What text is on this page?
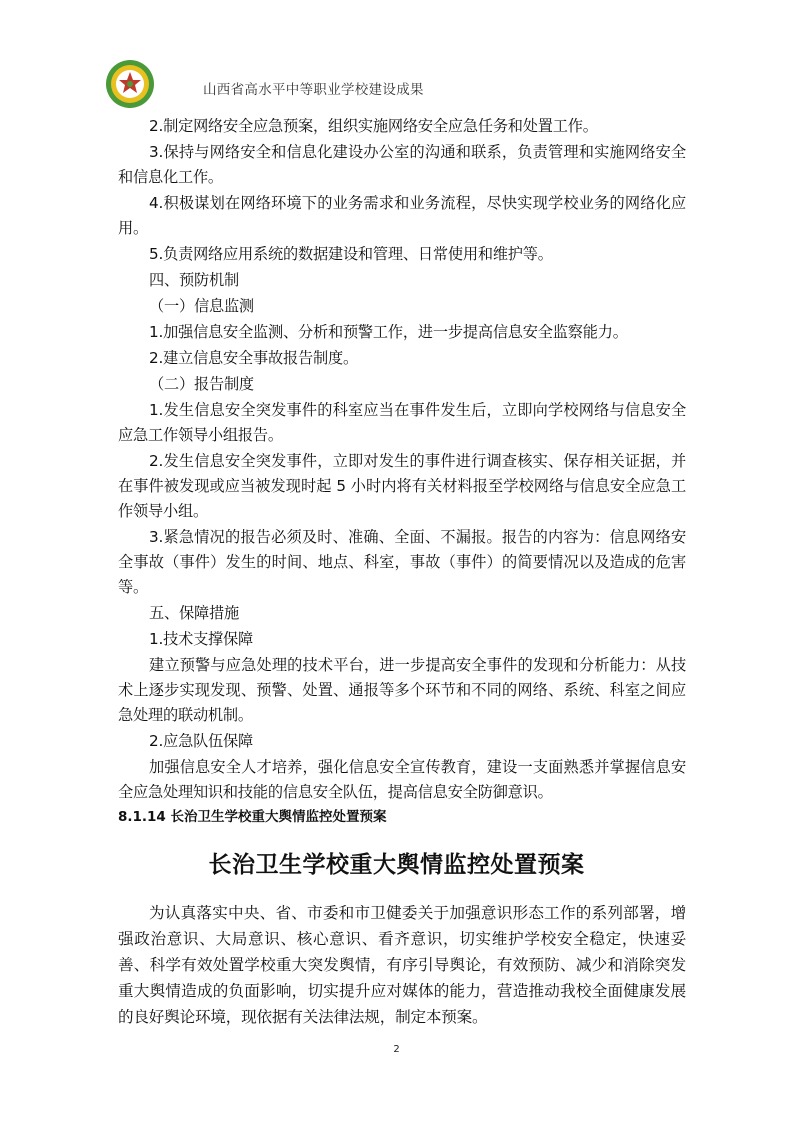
山西省高水平中等职业学校建设成果

2.制定网络安全应急预案，组织实施网络安全应急任务和处置工作。

3.保持与网络安全和信息化建设办公室的沟通和联系，负责管理和实施网络安全和信息化工作。

4.积极谋划在网络环境下的业务需求和业务流程，尽快实现学校业务的网络化应用。

5.负责网络应用系统的数据建设和管理、日常使用和维护等。

四、预防机制

（一）信息监测

1.加强信息安全监测、分析和预警工作，进一步提高信息安全监察能力。

2.建立信息安全事故报告制度。

（二）报告制度

1.发生信息安全突发事件的科室应当在事件发生后，立即向学校网络与信息安全应急工作领导小组报告。

2.发生信息安全突发事件，立即对发生的事件进行调查核实、保存相关证据，并在事件被发现或应当被发现时起 5 小时内将有关材料报至学校网络与信息安全应急工作领导小组。

3.紧急情况的报告必须及时、准确、全面、不漏报。报告的内容为：信息网络安全事故（事件）发生的时间、地点、科室，事故（事件）的简要情况以及造成的危害等。

五、保障措施

1.技术支撑保障

建立预警与应急处理的技术平台，进一步提高安全事件的发现和分析能力：从技术上逐步实现发现、预警、处置、通报等多个环节和不同的网络、系统、科室之间应急处理的联动机制。

2.应急队伍保障

加强信息安全人才培养，强化信息安全宣传教育，建设一支面熟悉并掌握信息安全应急处理知识和技能的信息安全队伍，提高信息安全防御意识。

8.1.14 长治卫生学校重大舆情监控处置预案
长治卫生学校重大舆情监控处置预案

为认真落实中央、省、市委和市卫健委关于加强意识形态工作的系列部署，增强政治意识、大局意识、核心意识、看齐意识，切实维护学校安全稳定，快速妥善、科学有效处置学校重大突发舆情，有序引导舆论，有效预防、减少和消除突发重大舆情造成的负面影响，切实提升应对媒体的能力，营造推动我校全面健康发展的良好舆论环境，现依据有关法律法规，制定本预案。

2
